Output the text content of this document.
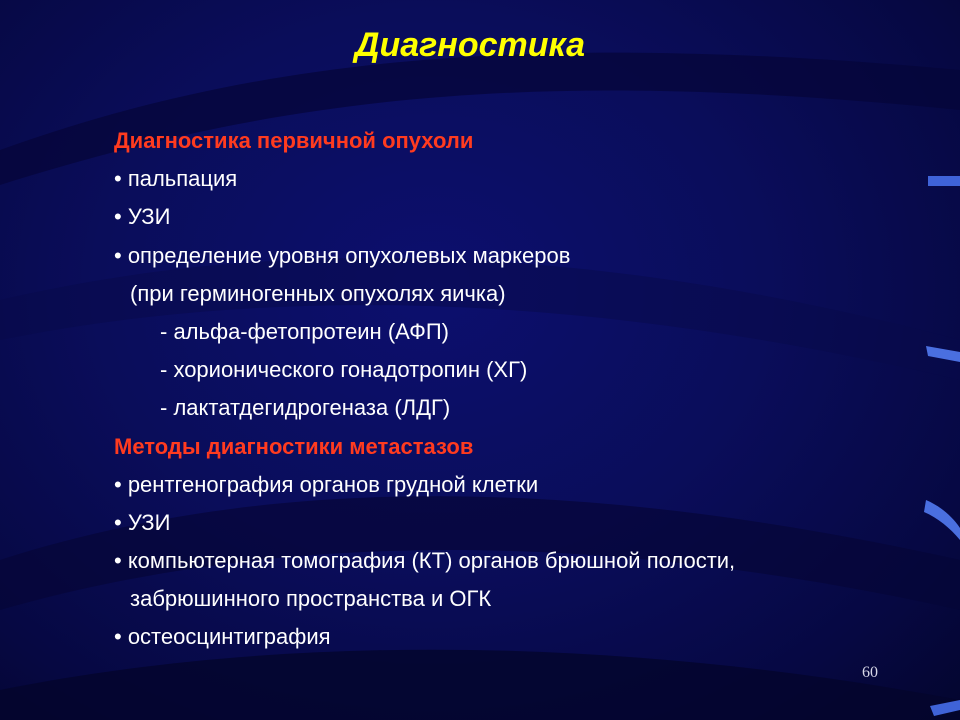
Диагностика
Диагностика первичной опухоли
• пальпация
• УЗИ
• определение уровня опухолевых маркеров
(при герминогенных опухолях яичка)
- альфа-фетопротеин (АФП)
- хорионического гонадотропин (ХГ)
- лактатдегидрогеназа (ЛДГ)
Методы диагностики метастазов
• рентгенография органов грудной клетки
• УЗИ
• компьютерная томография (КТ) органов брюшной полости,
забрюшинного пространства и ОГК
• остеосцинтиграфия
60
